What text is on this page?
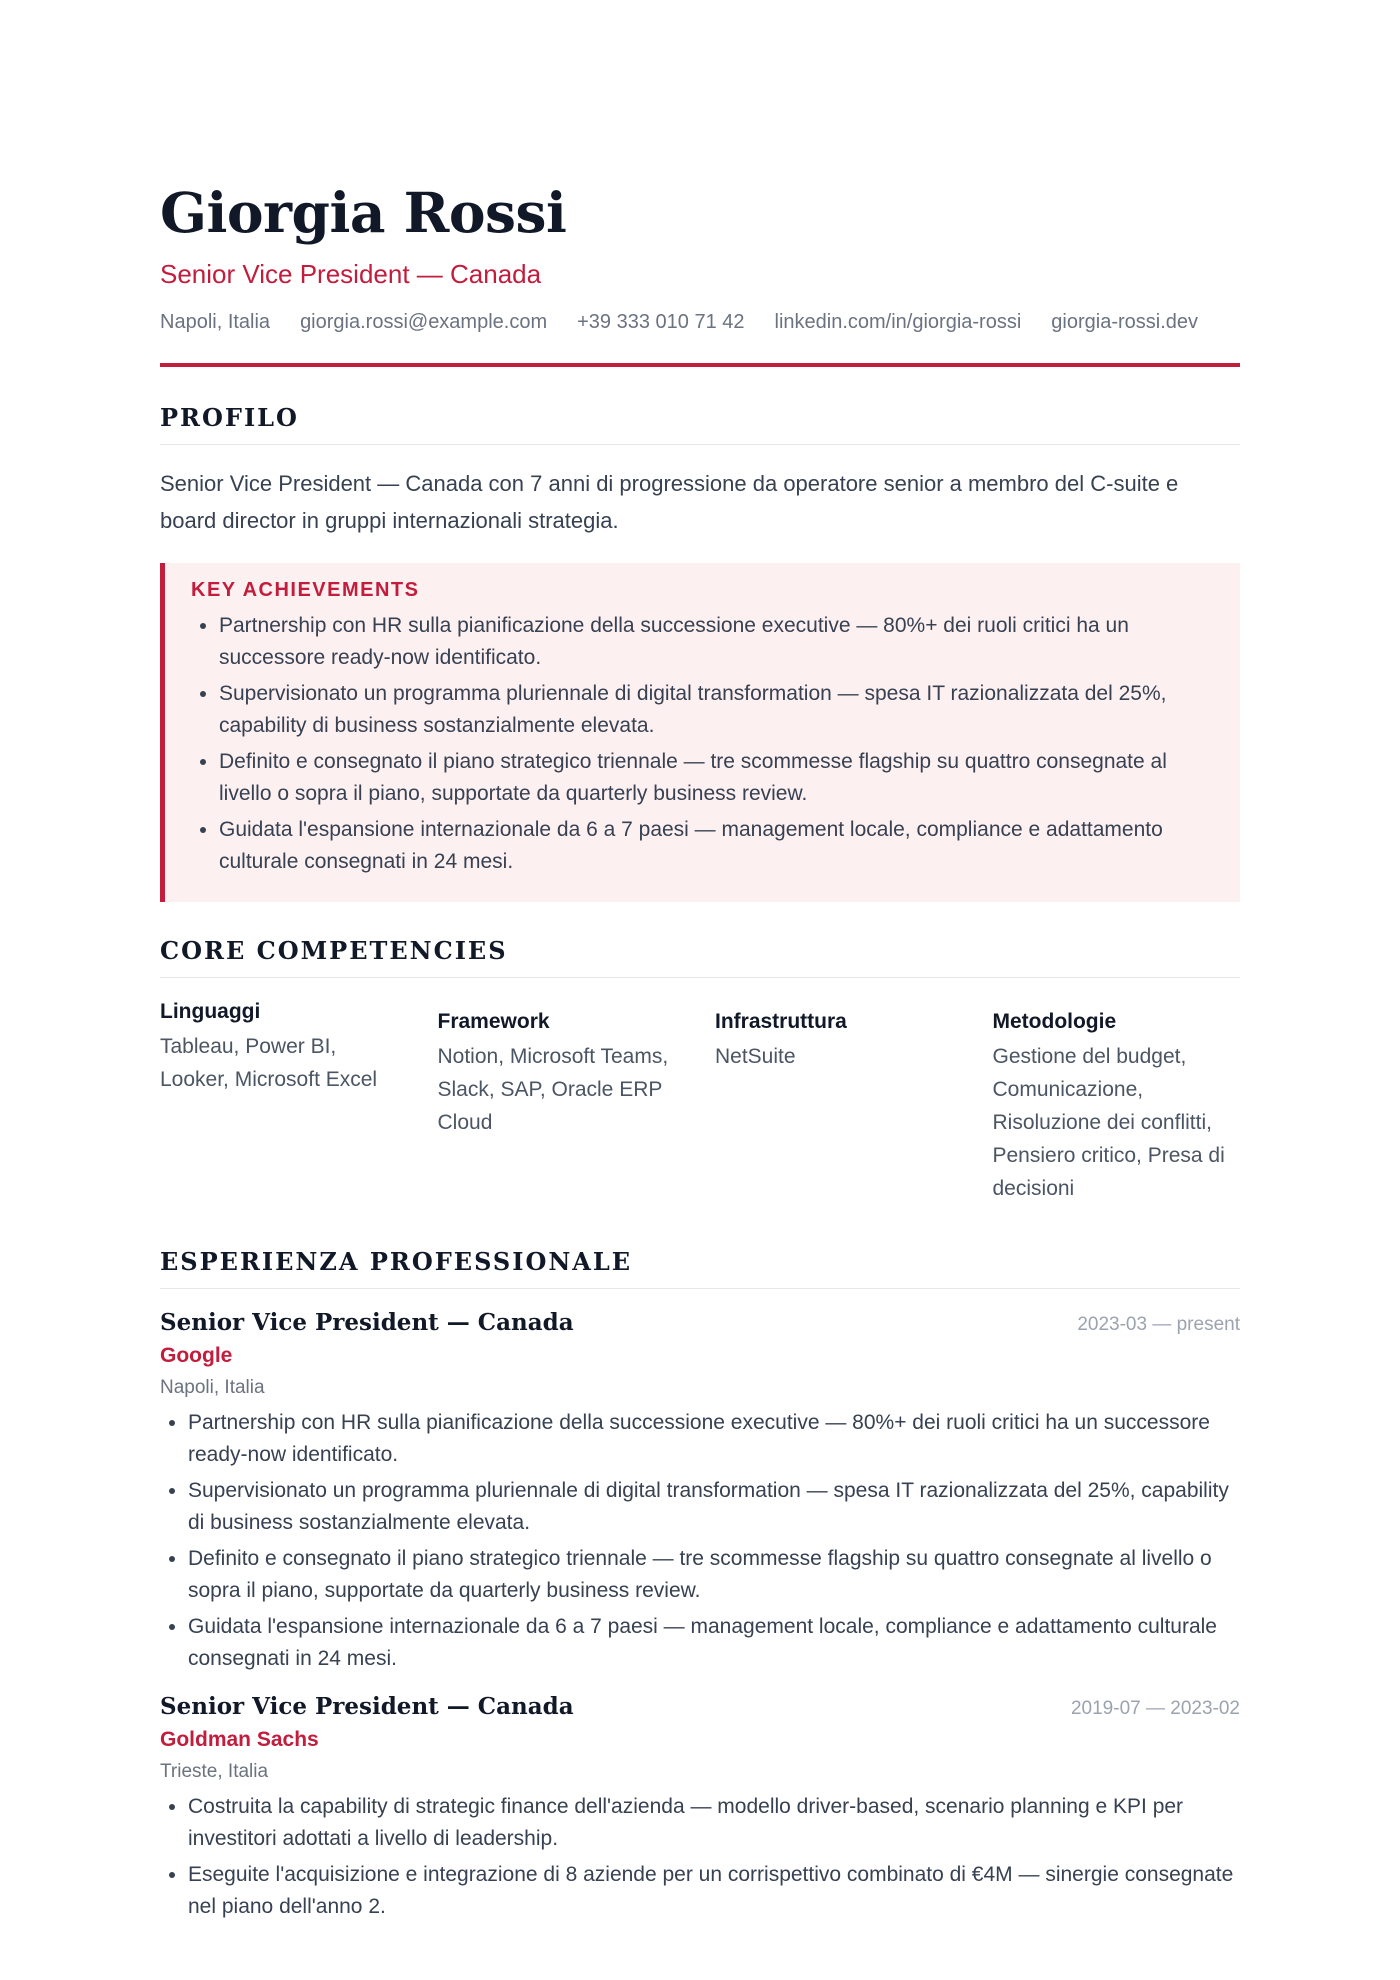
Giorgia Rossi
Senior Vice President — Canada
Napoli, Italia giorgia.rossi@example.com +39 333 010 71 42 linkedin.com/in/giorgia-rossi giorgia-rossi.dev
PROFILO
Senior Vice President — Canada con 7 anni di progressione da operatore senior a membro del C-suite e board director in gruppi internazionali strategia.
KEY ACHIEVEMENTS
• Partnership con HR sulla pianificazione della successione executive — 80%+ dei ruoli critici ha un successore ready-now identificato.
• Supervisionato un programma pluriennale di digital transformation — spesa IT razionalizzata del 25%, capability di business sostanzialmente elevata.
• Definito e consegnato il piano strategico triennale — tre scommesse flagship su quattro consegnate al livello o sopra il piano, supportate da quarterly business review.
• Guidata l'espansione internazionale da 6 a 7 paesi — management locale, compliance e adattamento culturale consegnati in 24 mesi.
CORE COMPETENCIES
Linguaggi

Tableau, Power BI, Looker, Microsoft Excel

Framework

Notion, Microsoft Teams, Slack, SAP, Oracle ERP Cloud

Infrastruttura

NetSuite

Metodologie

Gestione del budget, Comunicazione, Risoluzione dei conflitti, Pensiero critico, Presa di decisioni

ESPERIENZA PROFESSIONALE
Senior Vice President — Canada	2023-03 — present
Google
Napoli, Italia
• Partnership con HR sulla pianificazione della successione executive — 80%+ dei ruoli critici ha un successore ready-now identificato.
• Supervisionato un programma pluriennale di digital transformation — spesa IT razionalizzata del 25%, capability di business sostanzialmente elevata.
• Definito e consegnato il piano strategico triennale — tre scommesse flagship su quattro consegnate al livello o sopra il piano, supportate da quarterly business review.
• Guidata l'espansione internazionale da 6 a 7 paesi — management locale, compliance e adattamento culturale consegnati in 24 mesi.
Senior Vice President — Canada	2019-07 — 2023-02
Goldman Sachs
Trieste, Italia
• Costruita la capability di strategic finance dell'azienda — modello driver-based, scenario planning e KPI per investitori adottati a livello di leadership.
• Eseguite l'acquisizione e integrazione di 8 aziende per un corrispettivo combinato di €4M — sinergie consegnate nel piano dell'anno 2.
